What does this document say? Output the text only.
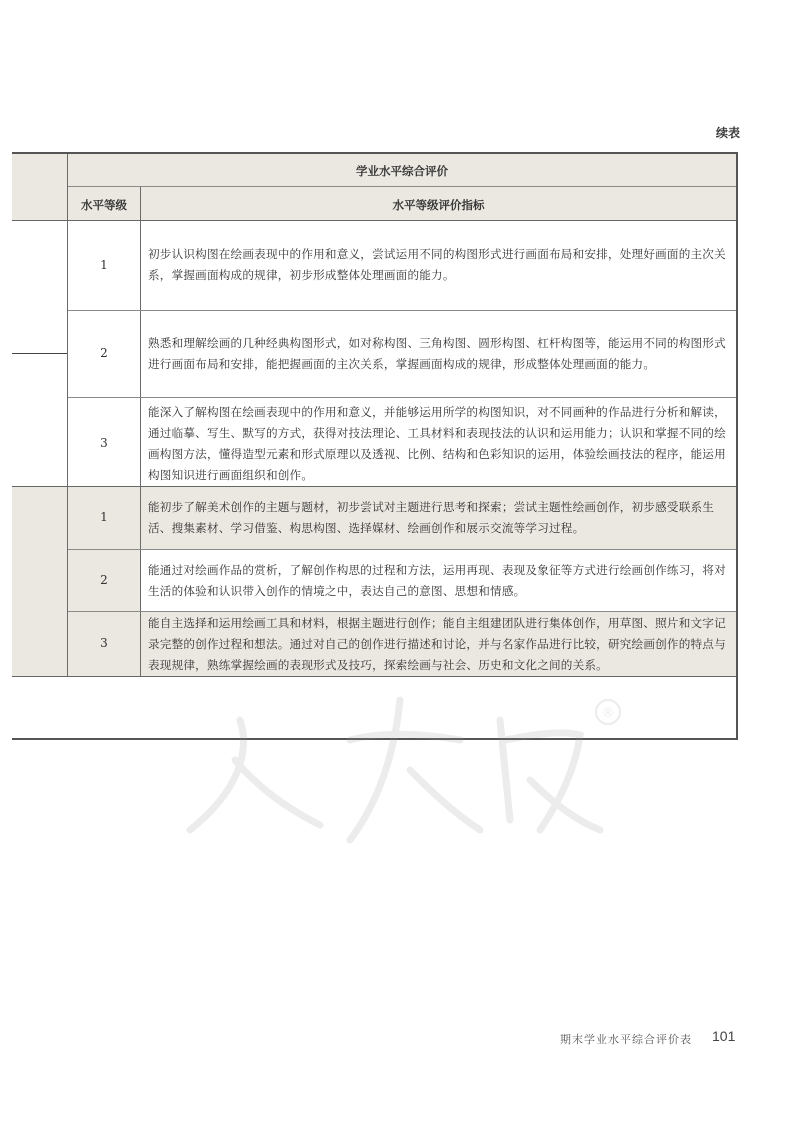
续表
学业水平综合评价
水平等级	水平等级评价指标
1
初步认识构图在绘画表现中的作用和意义，尝试运用不同的构图形式进行画面布局和安排，处理好画面的主次关系，掌握画面构成的规律，初步形成整体处理画面的能力。
2
熟悉和理解绘画的几种经典构图形式，如对称构图、三角构图、圆形构图、杠杆构图等，能运用不同的构图形式进行画面布局和安排，能把握画面的主次关系，掌握画面构成的规律，形成整体处理画面的能力。
3
能深入了解构图在绘画表现中的作用和意义，并能够运用所学的构图知识，对不同画种的作品进行分析和解读，通过临摹、写生、默写的方式，获得对技法理论、工具材料和表现技法的认识和运用能力；认识和掌握不同的绘画构图方法，懂得造型元素和形式原理以及透视、比例、结构和色彩知识的运用，体验绘画技法的程序，能运用构图知识进行画面组织和创作。
1
能初步了解美术创作的主题与题材，初步尝试对主题进行思考和探索；尝试主题性绘画创作，初步感受联系生活、搜集素材、学习借鉴、构思构图、选择媒材、绘画创作和展示交流等学习过程。
2
能通过对绘画作品的赏析，了解创作构思的过程和方法，运用再现、表现及象征等方式进行绘画创作练习，将对生活的体验和认识带入创作的情境之中，表达自己的意图、思想和情感。
3
能自主选择和运用绘画工具和材料，根据主题进行创作；能自主组建团队进行集体创作，用草图、照片和文字记录完整的创作过程和想法。通过对自己的创作进行描述和讨论，并与名家作品进行比较，研究绘画创作的特点与表现规律，熟练掌握绘画的表现形式及技巧，探索绘画与社会、历史和文化之间的关系。
®
期末学业水平综合评价表 101
